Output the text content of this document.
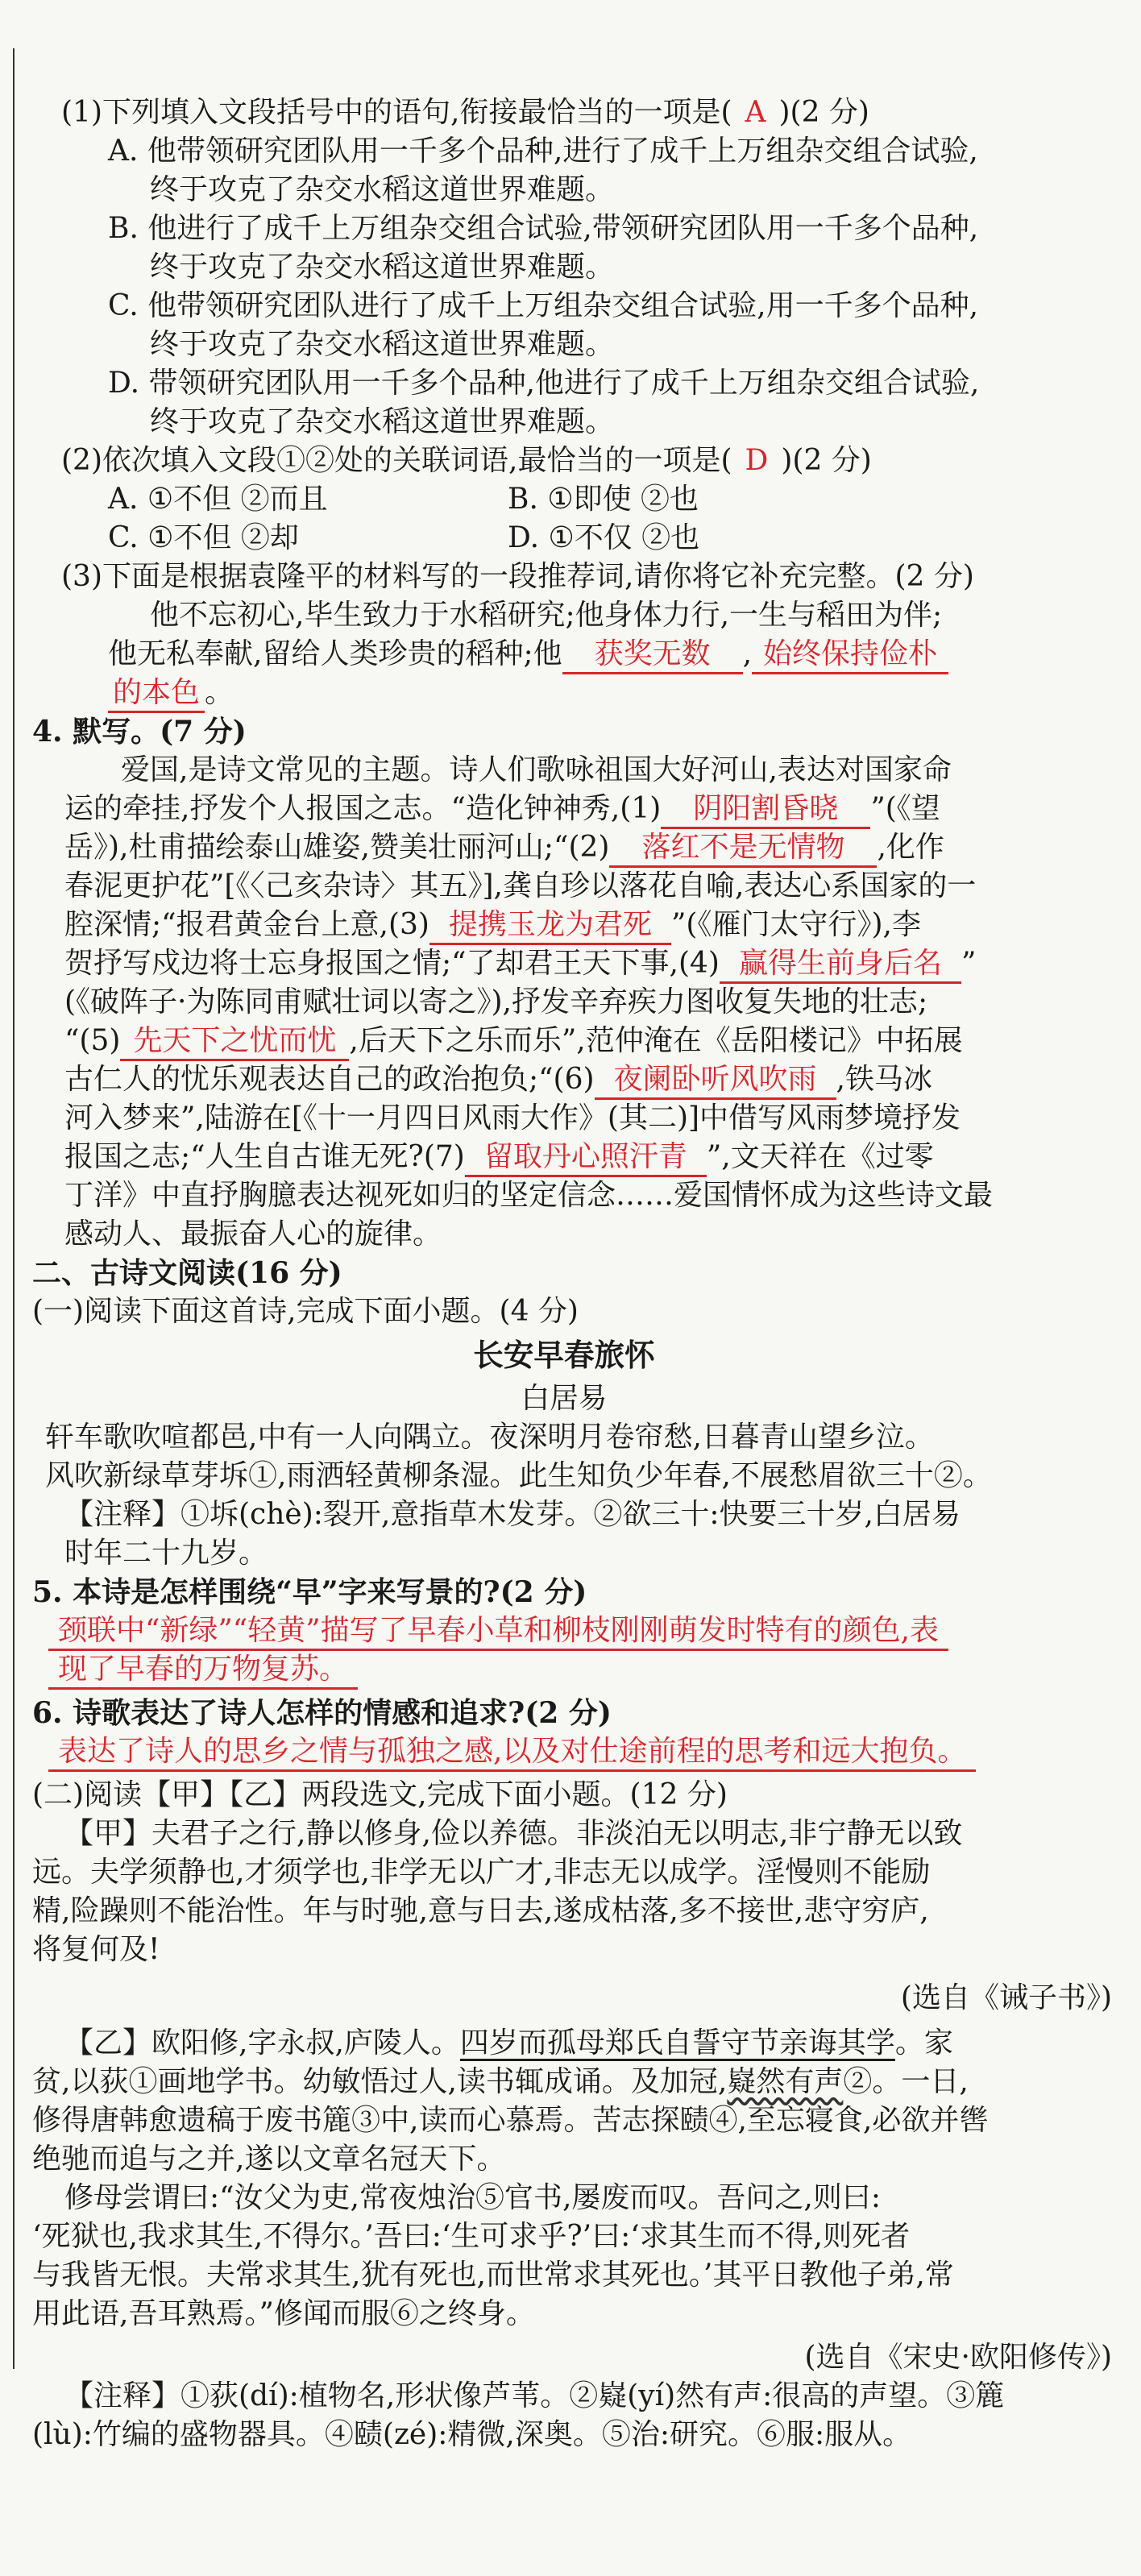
(1)下列填入文段括号中的语句,衔接最恰当的一项是( A )(2 分)
A. 他带领研究团队用一千多个品种,进行了成千上万组杂交组合试验,
终于攻克了杂交水稻这道世界难题。
B. 他进行了成千上万组杂交组合试验,带领研究团队用一千多个品种,
终于攻克了杂交水稻这道世界难题。
C. 他带领研究团队进行了成千上万组杂交组合试验,用一千多个品种,
终于攻克了杂交水稻这道世界难题。
D. 带领研究团队用一千多个品种,他进行了成千上万组杂交组合试验,
终于攻克了杂交水稻这道世界难题。
(2)依次填入文段①②处的关联词语,最恰当的一项是( D )(2 分)
A. ①不但 ②而且	B. ①即使 ②也
C. ①不但 ②却	D. ①不仅 ②也
(3)下面是根据袁隆平的材料写的一段推荐词,请你将它补充完整。(2 分)
他不忘初心,毕生致力于水稻研究;他身体力行,一生与稻田为伴;
他无私奉献,留给人类珍贵的稻种;他 获奖无数 , 始终保持俭朴
的本色 。
4. 默写。(7 分)
爱国,是诗文常见的主题。诗人们歌咏祖国大好河山,表达对国家命
运的牵挂,抒发个人报国之志。“造化钟神秀,(1) 阴阳割昏晓 ”(《望
岳》),杜甫描绘泰山雄姿,赞美壮丽河山;“(2) 落红不是无情物 ,化作
春泥更护花”[《〈己亥杂诗〉其五》],龚自珍以落花自喻,表达心系国家的一
腔深情;“报君黄金台上意,(3) 提携玉龙为君死 ”(《雁门太守行》),李
贺抒写戍边将士忘身报国之情;“了却君王天下事,(4) 赢得生前身后名 ”
(《破阵子·为陈同甫赋壮词以寄之》),抒发辛弃疾力图收复失地的壮志;
“(5) 先天下之忧而忧 ,后天下之乐而乐”,范仲淹在《岳阳楼记》中拓展
古仁人的忧乐观表达自己的政治抱负;“(6) 夜阑卧听风吹雨 ,铁马冰
河入梦来”,陆游在[《十一月四日风雨大作》(其二)]中借写风雨梦境抒发
报国之志;“人生自古谁无死?(7) 留取丹心照汗青 ”,文天祥在《过零
丁洋》中直抒胸臆表达视死如归的坚定信念……爱国情怀成为这些诗文最
感动人、最振奋人心的旋律。
二、古诗文阅读(16 分)
(一)阅读下面这首诗,完成下面小题。(4 分)
长安早春旅怀
白居易
轩车歌吹喧都邑,中有一人向隅立。夜深明月卷帘愁,日暮青山望乡泣。
风吹新绿草芽坼①,雨洒轻黄柳条湿。此生知负少年春,不展愁眉欲三十②。
【注释】①坼(chè):裂开,意指草木发芽。②欲三十:快要三十岁,白居易
时年二十九岁。
5. 本诗是怎样围绕“早”字来写景的?(2 分)
颈联中“新绿”“轻黄”描写了早春小草和柳枝刚刚萌发时特有的颜色,表
现了早春的万物复苏。
6. 诗歌表达了诗人怎样的情感和追求?(2 分)
表达了诗人的思乡之情与孤独之感,以及对仕途前程的思考和远大抱负。
(二)阅读【甲】【乙】两段选文,完成下面小题。(12 分)
【甲】夫君子之行,静以修身,俭以养德。非淡泊无以明志,非宁静无以致
远。夫学须静也,才须学也,非学无以广才,非志无以成学。淫慢则不能励
精,险躁则不能治性。年与时驰,意与日去,遂成枯落,多不接世,悲守穷庐,
将复何及!
(选自《诫子书》)
【乙】欧阳修,字永叔,庐陵人。四岁而孤母郑氏自誓守节亲诲其学。家
贫,以荻①画地学书。幼敏悟过人,读书辄成诵。及加冠,嶷然有声②。一日,
修得唐韩愈遗稿于废书簏③中,读而心慕焉。苦志探赜④,至忘寝食,必欲并辔
绝驰而追与之并,遂以文章名冠天下。
修母尝谓曰:“汝父为吏,常夜烛治⑤官书,屡废而叹。吾问之,则曰:
‘死狱也,我求其生,不得尔。’吾曰:‘生可求乎?’曰:‘求其生而不得,则死者
与我皆无恨。夫常求其生,犹有死也,而世常求其死也。’其平日教他子弟,常
用此语,吾耳熟焉。”修闻而服⑥之终身。
(选自《宋史·欧阳修传》)
【注释】①荻(dí):植物名,形状像芦苇。②嶷(yí)然有声:很高的声望。③簏
(lù):竹编的盛物器具。④赜(zé):精微,深奥。⑤治:研究。⑥服:服从。
